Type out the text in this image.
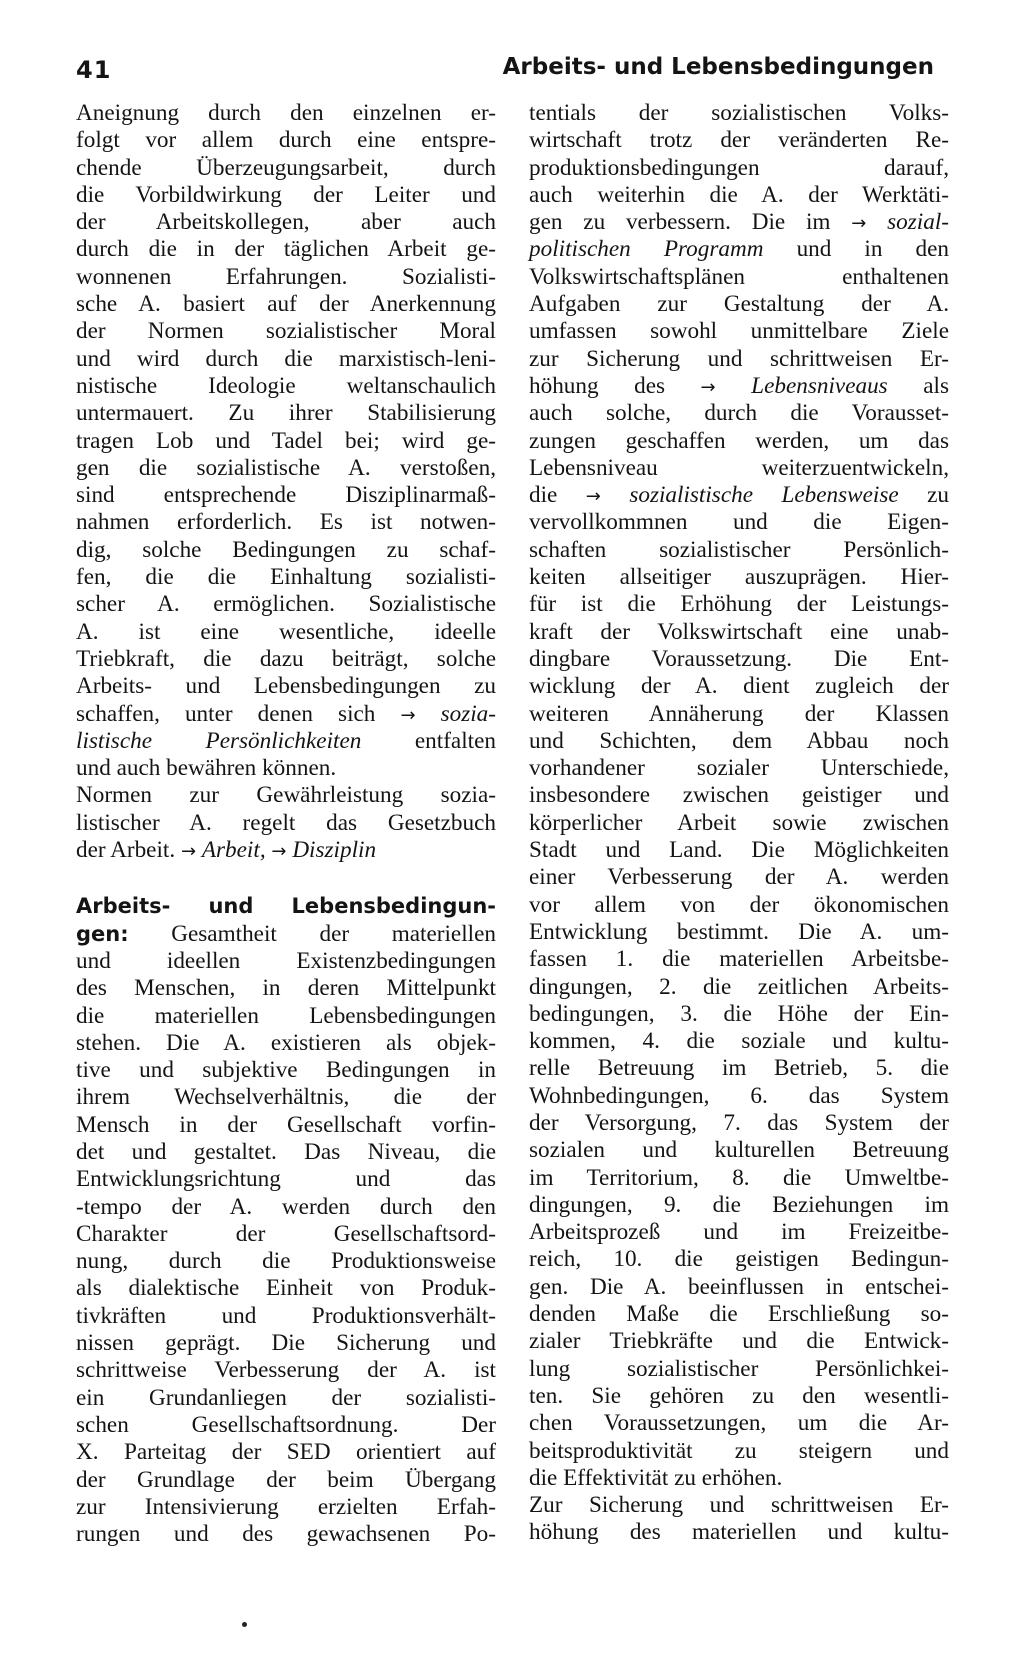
41	Arbeits- und Lebensbedingungen
Aneignung durch den einzelnen er-
folgt vor allem durch eine entspre-
chende Überzeugungsarbeit, durch
die Vorbildwirkung der Leiter und
der Arbeitskollegen, aber auch
durch die in der täglichen Arbeit ge-
wonnenen Erfahrungen. Sozialisti-
sche A. basiert auf der Anerkennung
der Normen sozialistischer Moral
und wird durch die marxistisch-leni-
nistische Ideologie weltanschaulich
untermauert. Zu ihrer Stabilisierung
tragen Lob und Tadel bei; wird ge-
gen die sozialistische A. verstoßen,
sind entsprechende Disziplinarmaß-
nahmen erforderlich. Es ist notwen-
dig, solche Bedingungen zu schaf-
fen, die die Einhaltung sozialisti-
scher A. ermöglichen. Sozialistische
A. ist eine wesentliche, ideelle
Triebkraft, die dazu beiträgt, solche
Arbeits- und Lebensbedingungen zu
schaffen, unter denen sich → sozia-
listische Persönlichkeiten entfalten
und auch bewähren können.
Normen zur Gewährleistung sozia-
listischer A. regelt das Gesetzbuch
der Arbeit. → Arbeit, → Disziplin
Arbeits- und Lebensbedingun-
gen: Gesamtheit der materiellen
und ideellen Existenzbedingungen
des Menschen, in deren Mittelpunkt
die materiellen Lebensbedingungen
stehen. Die A. existieren als objek-
tive und subjektive Bedingungen in
ihrem Wechselverhältnis, die der
Mensch in der Gesellschaft vorfin-
det und gestaltet. Das Niveau, die
Entwicklungsrichtung und das
-tempo der A. werden durch den
Charakter der Gesellschaftsord-
nung, durch die Produktionsweise
als dialektische Einheit von Produk-
tivkräften und Produktionsverhält-
nissen geprägt. Die Sicherung und
schrittweise Verbesserung der A. ist
ein Grundanliegen der sozialisti-
schen Gesellschaftsordnung. Der
X. Parteitag der SED orientiert auf
der Grundlage der beim Übergang
zur Intensivierung erzielten Erfah-
rungen und des gewachsenen Po-
tentials der sozialistischen Volks-
wirtschaft trotz der veränderten Re-
produktionsbedingungen darauf,
auch weiterhin die A. der Werktäti-
gen zu verbessern. Die im → sozial-
politischen Programm und in den
Volkswirtschaftsplänen enthaltenen
Aufgaben zur Gestaltung der A.
umfassen sowohl unmittelbare Ziele
zur Sicherung und schrittweisen Er-
höhung des → Lebensniveaus als
auch solche, durch die Vorausset-
zungen geschaffen werden, um das
Lebensniveau weiterzuentwickeln,
die → sozialistische Lebensweise zu
vervollkommnen und die Eigen-
schaften sozialistischer Persönlich-
keiten allseitiger auszuprägen. Hier-
für ist die Erhöhung der Leistungs-
kraft der Volkswirtschaft eine unab-
dingbare Voraussetzung. Die Ent-
wicklung der A. dient zugleich der
weiteren Annäherung der Klassen
und Schichten, dem Abbau noch
vorhandener sozialer Unterschiede,
insbesondere zwischen geistiger und
körperlicher Arbeit sowie zwischen
Stadt und Land. Die Möglichkeiten
einer Verbesserung der A. werden
vor allem von der ökonomischen
Entwicklung bestimmt. Die A. um-
fassen 1. die materiellen Arbeitsbe-
dingungen, 2. die zeitlichen Arbeits-
bedingungen, 3. die Höhe der Ein-
kommen, 4. die soziale und kultu-
relle Betreuung im Betrieb, 5. die
Wohnbedingungen, 6. das System
der Versorgung, 7. das System der
sozialen und kulturellen Betreuung
im Territorium, 8. die Umweltbe-
dingungen, 9. die Beziehungen im
Arbeitsprozeß und im Freizeitbe-
reich, 10. die geistigen Bedingun-
gen. Die A. beeinflussen in entschei-
denden Maße die Erschließung so-
zialer Triebkräfte und die Entwick-
lung sozialistischer Persönlichkei-
ten. Sie gehören zu den wesentli-
chen Voraussetzungen, um die Ar-
beitsproduktivität zu steigern und
die Effektivität zu erhöhen.
Zur Sicherung und schrittweisen Er-
höhung des materiellen und kultu-
